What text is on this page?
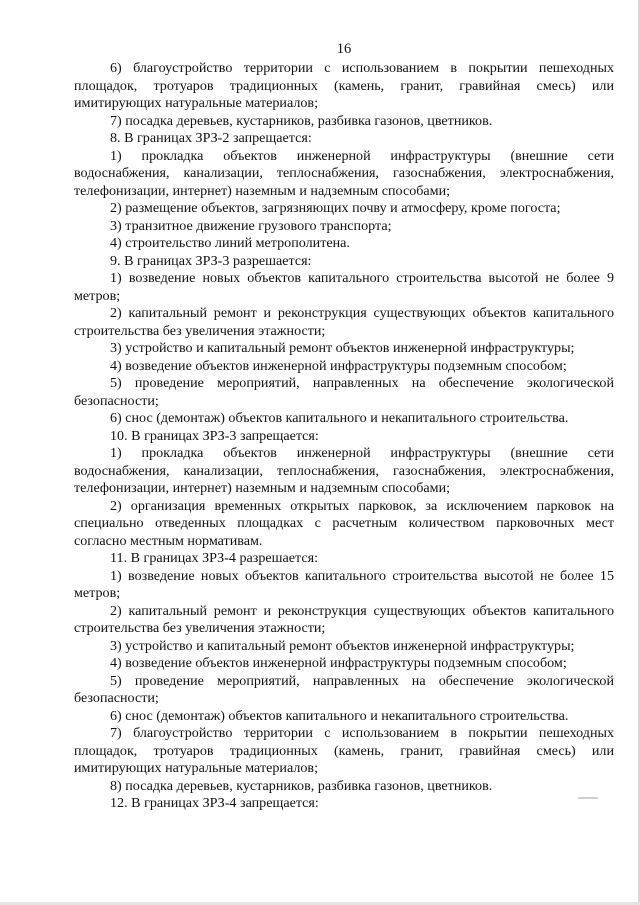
16

6) благоустройство территории с использованием в покрытии пешеходных площадок, тротуаров традиционных (камень, гранит, гравийная смесь) или имитирующих натуральные материалов;

7) посадка деревьев, кустарников, разбивка газонов, цветников.

8. В границах ЗРЗ-2 запрещается:

1) прокладка объектов инженерной инфраструктуры (внешние сети водоснабжения, канализации, теплоснабжения, газоснабжения, электроснабжения, телефонизации, интернет) наземным и надземным способами;

2) размещение объектов, загрязняющих почву и атмосферу, кроме погоста;

3) транзитное движение грузового транспорта;

4) строительство линий метрополитена.

9. В границах ЗРЗ-3 разрешается:

1) возведение новых объектов капитального строительства высотой не более 9 метров;

2) капитальный ремонт и реконструкция существующих объектов капитального строительства без увеличения этажности;

3) устройство и капитальный ремонт объектов инженерной инфраструктуры;

4) возведение объектов инженерной инфраструктуры подземным способом;

5) проведение мероприятий, направленных на обеспечение экологической безопасности;

6) снос (демонтаж) объектов капитального и некапитального строительства.

10. В границах ЗРЗ-3 запрещается:

1) прокладка объектов инженерной инфраструктуры (внешние сети водоснабжения, канализации, теплоснабжения, газоснабжения, электроснабжения, телефонизации, интернет) наземным и надземным способами;

2) организация временных открытых парковок, за исключением парковок на специально отведенных площадках с расчетным количеством парковочных мест согласно местным нормативам.

11. В границах ЗРЗ-4 разрешается:

1) возведение новых объектов капитального строительства высотой не более 15 метров;

2) капитальный ремонт и реконструкция существующих объектов капитального строительства без увеличения этажности;

3) устройство и капитальный ремонт объектов инженерной инфраструктуры;

4) возведение объектов инженерной инфраструктуры подземным способом;

5) проведение мероприятий, направленных на обеспечение экологической безопасности;

6) снос (демонтаж) объектов капитального и некапитального строительства.

7) благоустройство территории с использованием в покрытии пешеходных площадок, тротуаров традиционных (камень, гранит, гравийная смесь) или имитирующих натуральные материалов;

8) посадка деревьев, кустарников, разбивка газонов, цветников.

12. В границах ЗРЗ-4 запрещается:
